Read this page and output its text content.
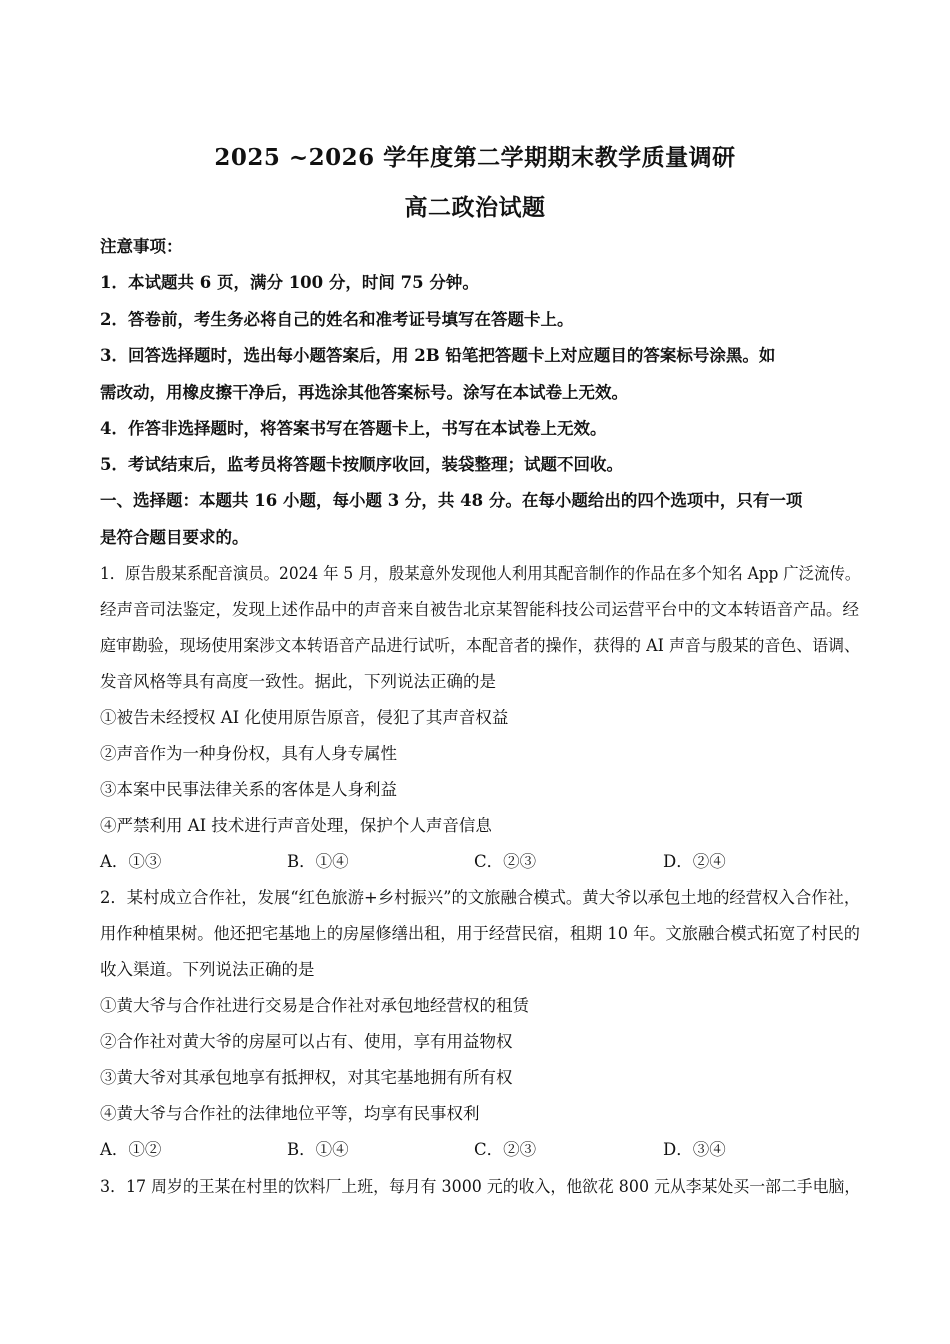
2025 ~2026 学年度第二学期期末教学质量调研
高二政治试题
注意事项：
1．本试题共 6 页，满分 100 分，时间 75 分钟。
2．答卷前，考生务必将自己的姓名和准考证号填写在答题卡上。
3．回答选择题时，选出每小题答案后，用 2B 铅笔把答题卡上对应题目的答案标号涂黑。如
需改动，用橡皮擦干净后，再选涂其他答案标号。涂写在本试卷上无效。
4．作答非选择题时，将答案书写在答题卡上，书写在本试卷上无效。
5．考试结束后，监考员将答题卡按顺序收回，装袋整理；试题不回收。
一、选择题：本题共 16 小题，每小题 3 分，共 48 分。在每小题给出的四个选项中，只有一项
是符合题目要求的。
1．原告殷某系配音演员。2024 年 5 月，殷某意外发现他人利用其配音制作的作品在多个知名 App 广泛流传。
经声音司法鉴定，发现上述作品中的声音来自被告北京某智能科技公司运营平台中的文本转语音产品。经
庭审勘验，现场使用案涉文本转语音产品进行试听，本配音者的操作，获得的 AI 声音与殷某的音色、语调、
发音风格等具有高度一致性。据此，下列说法正确的是
①被告未经授权 AI 化使用原告原音，侵犯了其声音权益
②声音作为一种身份权，具有人身专属性
③本案中民事法律关系的客体是人身利益
④严禁利用 AI 技术进行声音处理，保护个人声音信息
A．①③	B．①④	C．②③	D．②④
2．某村成立合作社，发展“红色旅游+乡村振兴”的文旅融合模式。黄大爷以承包土地的经营权入合作社，
用作种植果树。他还把宅基地上的房屋修缮出租，用于经营民宿，租期 10 年。文旅融合模式拓宽了村民的
收入渠道。下列说法正确的是
①黄大爷与合作社进行交易是合作社对承包地经营权的租赁
②合作社对黄大爷的房屋可以占有、使用，享有用益物权
③黄大爷对其承包地享有抵押权，对其宅基地拥有所有权
④黄大爷与合作社的法律地位平等，均享有民事权利
A．①②	B．①④	C．②③	D．③④
3．17 周岁的王某在村里的饮料厂上班，每月有 3000 元的收入，他欲花 800 元从李某处买一部二手电脑，
